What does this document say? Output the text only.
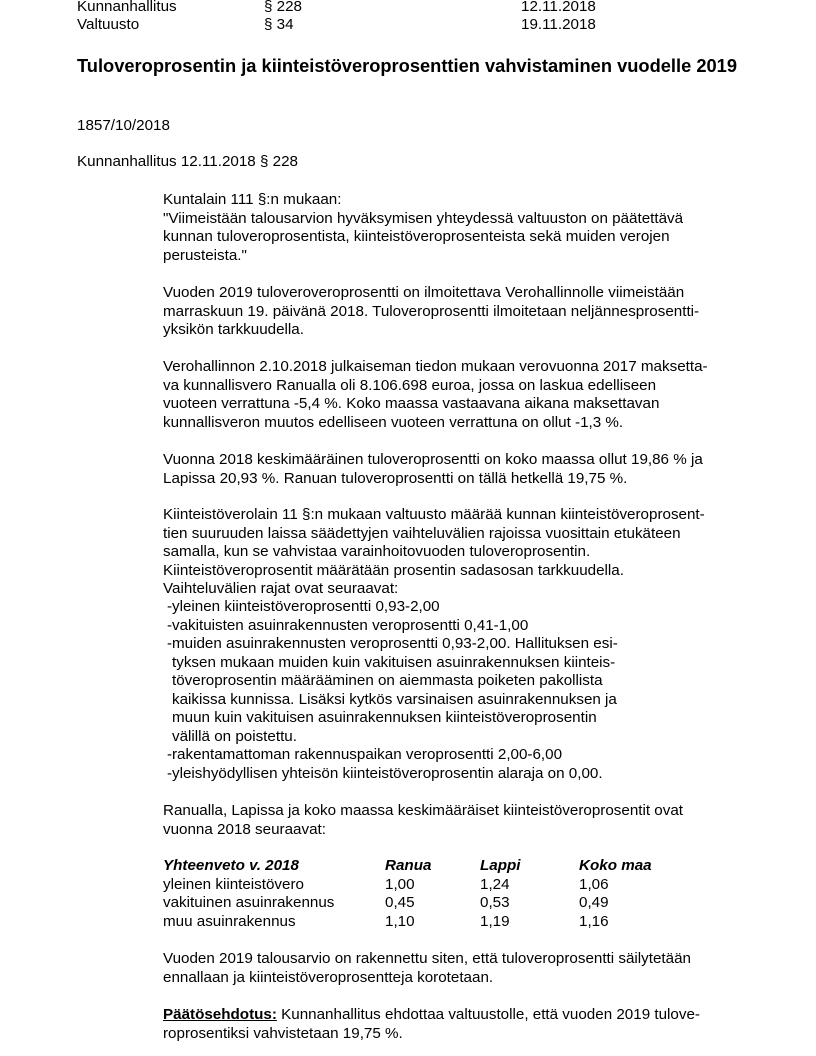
Kunnanhallitus	§ 228	12.11.2018
Valtuusto	§ 34	19.11.2018
Tuloveroprosentin ja kiinteistöveroprosenttien vahvistaminen vuodelle 2019
1857/10/2018
Kunnanhallitus 12.11.2018 § 228
Kuntalain 111 §:n mukaan:
"Viimeistään talousarvion hyväksymisen yhteydessä valtuuston on päätettävä
kunnan tuloveroprosentista, kiinteistöveroprosenteista sekä muiden verojen
perusteista."
Vuoden 2019 tuloveroveroprosentti on ilmoitettava Verohallinnolle viimeistään
marraskuun 19. päivänä 2018. Tuloveroprosentti ilmoitetaan neljännesprosentti-
yksikön tarkkuudella.
Verohallinnon 2.10.2018 julkaiseman tiedon mukaan verovuonna 2017 maksetta-
va kunnallisvero Ranualla oli 8.106.698 euroa, jossa on laskua edelliseen
vuoteen verrattuna -5,4 %. Koko maassa vastaavana aikana maksettavan
kunnallisveron muutos edelliseen vuoteen verrattuna on ollut -1,3 %.
Vuonna 2018 keskimääräinen tuloveroprosentti on koko maassa ollut 19,86 % ja
Lapissa 20,93 %. Ranuan tuloveroprosentti on tällä hetkellä 19,75 %.
Kiinteistöverolain 11 §:n mukaan valtuusto määrää kunnan kiinteistöveroprosent-
tien suuruuden laissa säädettyjen vaihteluvälien rajoissa vuosittain etukäteen
samalla, kun se vahvistaa varainhoitovuoden tuloveroprosentin.
Kiinteistöveroprosentit määrätään prosentin sadasosan tarkkuudella.
Vaihteluvälien rajat ovat seuraavat:
- yleinen kiinteistöveroprosentti 0,93-2,00
- vakituisten asuinrakennusten veroprosentti 0,41-1,00
- muiden asuinrakennusten veroprosentti 0,93-2,00. Hallituksen esi-
tyksen mukaan muiden kuin vakituisen asuinrakennuksen kiinteis-
töveroprosentin määrääminen on aiemmasta poiketen pakollista
kaikissa kunnissa. Lisäksi kytkös varsinaisen asuinrakennuksen ja
muun kuin vakituisen asuinrakennuksen kiinteistöveroprosentin
välillä on poistettu.
- rakentamattoman rakennuspaikan veroprosentti 2,00-6,00
- yleishyödyllisen yhteisön kiinteistöveroprosentin alaraja on 0,00.
Ranualla, Lapissa ja koko maassa keskimääräiset kiinteistöveroprosentit ovat
vuonna 2018 seuraavat:
Yhteenveto v. 2018	Ranua	Lappi	Koko maa
yleinen kiinteistövero	1,00	1,24	1,06
vakituinen asuinrakennus	0,45	0,53	0,49
muu asuinrakennus	1,10	1,19	1,16
Vuoden 2019 talousarvio on rakennettu siten, että tuloveroprosentti säilytetään
ennallaan ja kiinteistöveroprosentteja korotetaan.
Päätösehdotus: Kunnanhallitus ehdottaa valtuustolle, että vuoden 2019 tulove-
roprosentiksi vahvistetaan 19,75 %.
